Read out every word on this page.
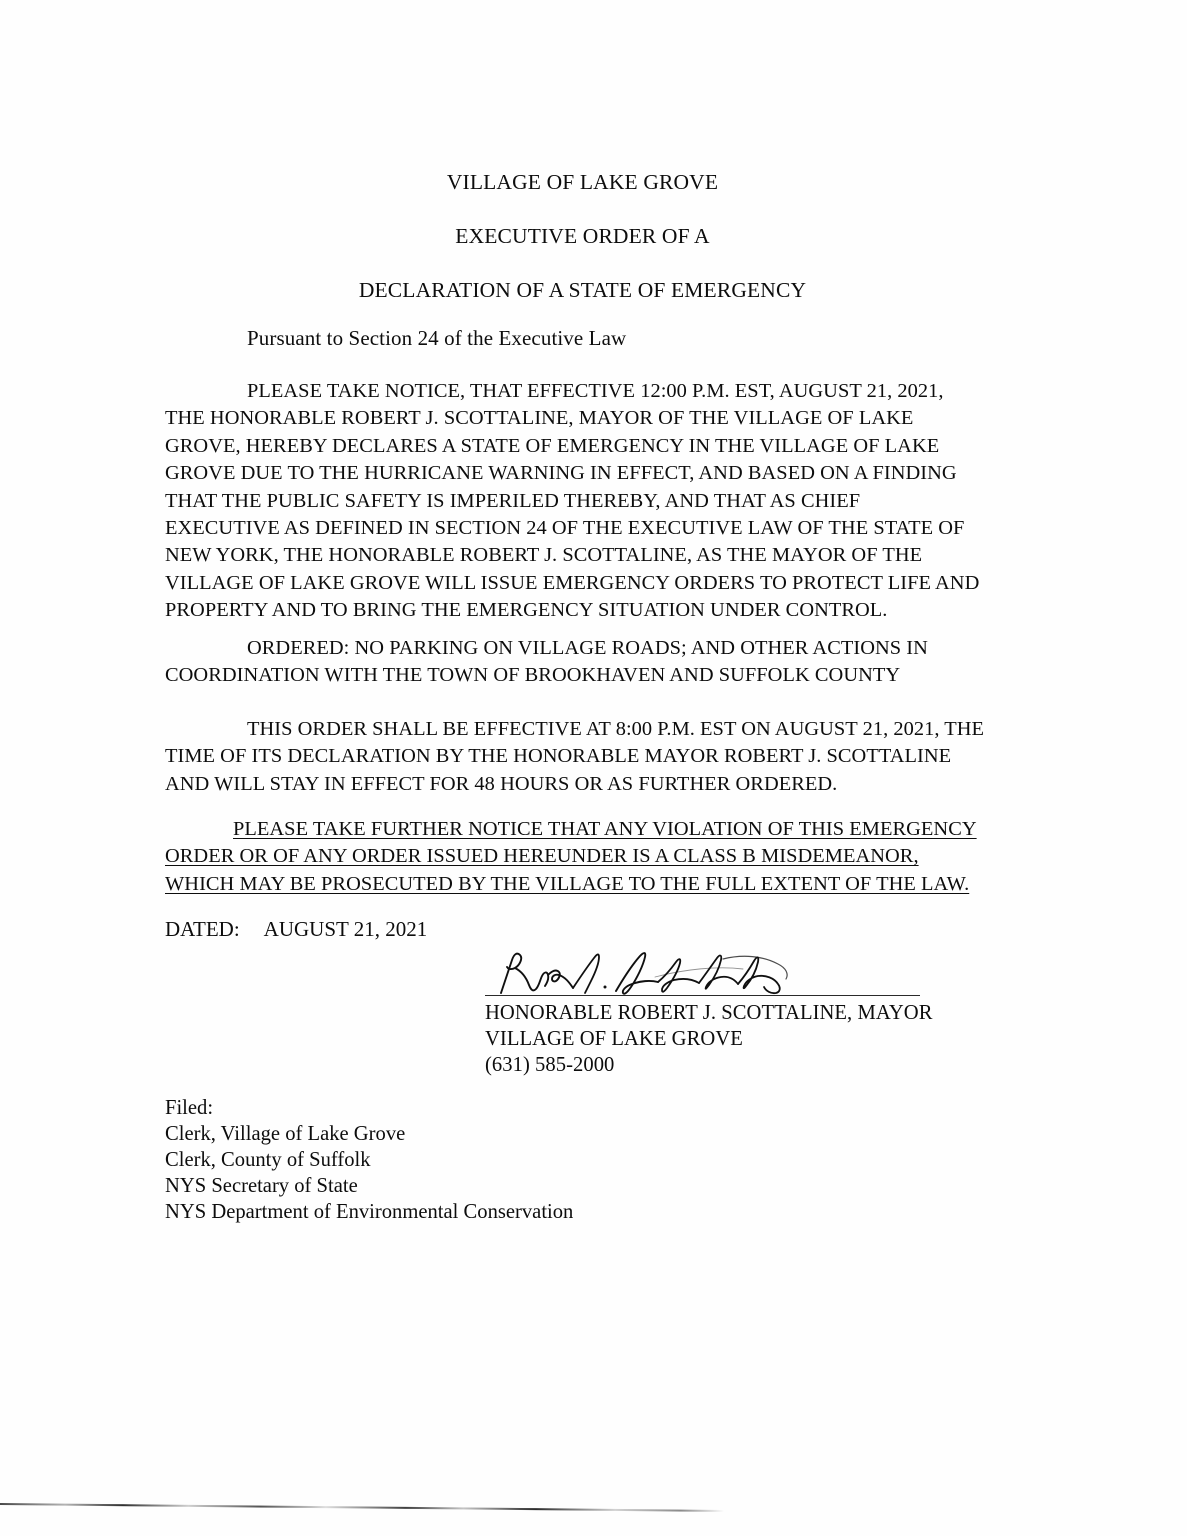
VILLAGE OF LAKE GROVE
EXECUTIVE ORDER OF A
DECLARATION OF A STATE OF EMERGENCY
Pursuant to Section 24 of the Executive Law
PLEASE TAKE NOTICE, THAT EFFECTIVE 12:00 P.M. EST, AUGUST 21, 2021,
THE HONORABLE ROBERT J. SCOTTALINE, MAYOR OF THE VILLAGE OF LAKE
GROVE, HEREBY DECLARES A STATE OF EMERGENCY IN THE VILLAGE OF LAKE
GROVE DUE TO THE HURRICANE WARNING IN EFFECT, AND BASED ON A FINDING
THAT THE PUBLIC SAFETY IS IMPERILED THEREBY, AND THAT AS CHIEF
EXECUTIVE AS DEFINED IN SECTION 24 OF THE EXECUTIVE LAW OF THE STATE OF
NEW YORK, THE HONORABLE ROBERT J. SCOTTALINE, AS THE MAYOR OF THE
VILLAGE OF LAKE GROVE WILL ISSUE EMERGENCY ORDERS TO PROTECT LIFE AND
PROPERTY AND TO BRING THE EMERGENCY SITUATION UNDER CONTROL.
ORDERED: NO PARKING ON VILLAGE ROADS; AND OTHER ACTIONS IN
COORDINATION WITH THE TOWN OF BROOKHAVEN AND SUFFOLK COUNTY
THIS ORDER SHALL BE EFFECTIVE AT 8:00 P.M. EST ON AUGUST 21, 2021, THE
TIME OF ITS DECLARATION BY THE HONORABLE MAYOR ROBERT J. SCOTTALINE
AND WILL STAY IN EFFECT FOR 48 HOURS OR AS FURTHER ORDERED.
PLEASE TAKE FURTHER NOTICE THAT ANY VIOLATION OF THIS EMERGENCY
ORDER OR OF ANY ORDER ISSUED HEREUNDER IS A CLASS B MISDEMEANOR,
WHICH MAY BE PROSECUTED BY THE VILLAGE TO THE FULL EXTENT OF THE LAW.
DATED: AUGUST 21, 2021
HONORABLE ROBERT J. SCOTTALINE, MAYOR
VILLAGE OF LAKE GROVE
(631) 585-2000
Filed:
Clerk, Village of Lake Grove
Clerk, County of Suffolk
NYS Secretary of State
NYS Department of Environmental Conservation
